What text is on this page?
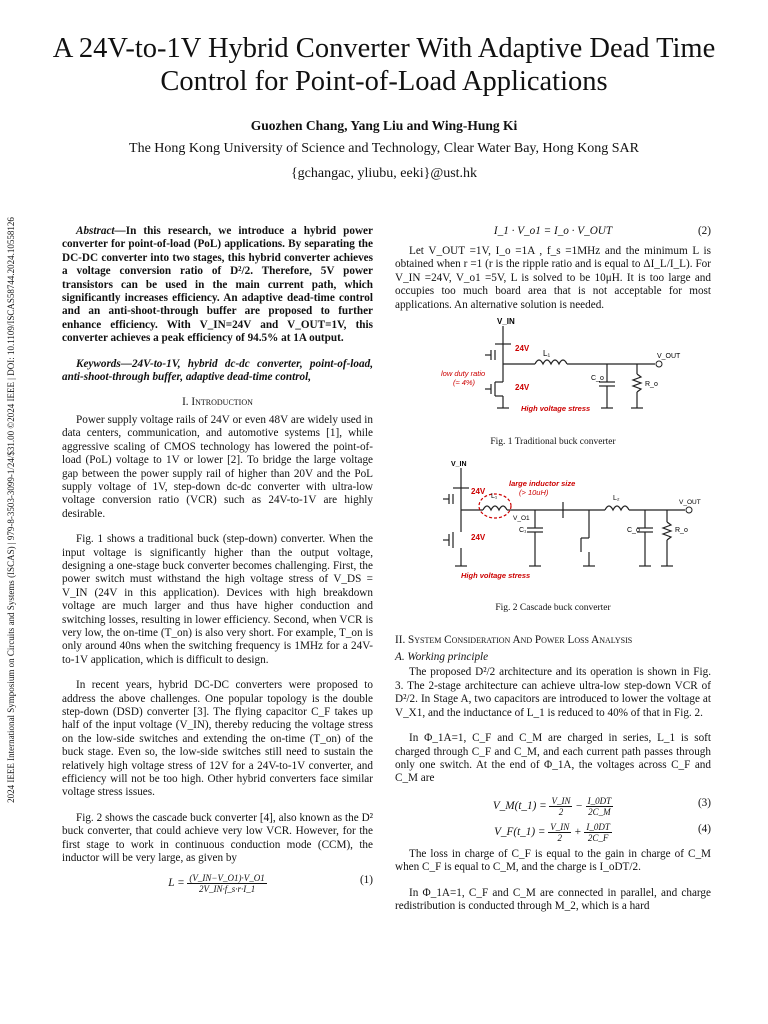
A 24V-to-1V Hybrid Converter With Adaptive Dead Time Control for Point-of-Load Applications
Guozhen Chang, Yang Liu and Wing-Hung Ki
The Hong Kong University of Science and Technology, Clear Water Bay, Hong Kong SAR
{gchangac, yliubu, eeki}@ust.hk
2024 IEEE International Symposium on Circuits and Systems (ISCAS) | 979-8-3503-3099-1/24/$31.00 ©2024 IEEE | DOI: 10.1109/ISCAS58744.2024.10558126	Abstract—In this research, we introduce a hybrid power converter for point-of-load (PoL) applications. By separating the DC-DC converter into two stages, this hybrid converter achieves a voltage conversion ratio of D²/2. Therefore, 5V power transistors can be used in the main current path, which significantly increases efficiency. An adaptive dead-time control and an anti-shoot-through buffer are proposed to further enhance efficiency. With V_IN=24V and V_OUT=1V, this converter achieves a peak efficiency of 94.5% at 1A output.

Keywords—24V-to-1V, hybrid dc-dc converter, point-of-load, anti-shoot-through buffer, adaptive dead-time control,

I. Introduction

Power supply voltage rails of 24V or even 48V are widely used in data centers, communication, and automotive systems [1], while aggressive scaling of CMOS technology has lowered the point-of-load (PoL) voltage to 1V or lower [2]. To bridge the large voltage gap between the power supply rail of higher than 20V and the PoL supply voltage of 1V, step-down dc-dc converter with ultra-low voltage conversion ratio (VCR) such as 24V-to-1V are highly desirable.

Fig. 1 shows a traditional buck (step-down) converter. When the input voltage is significantly higher than the output voltage, designing a one-stage buck converter becomes challenging. First, the power switch must withstand the high voltage stress of V_DS = V_IN (24V in this application). Devices with high breakdown voltage are much larger and thus have higher conduction and switching losses, resulting in lower efficiency. Second, when VCR is very low, the on-time (T_on) is also very short. For example, T_on is only around 40ns when the switching frequency is 1MHz for a 24V-to-1V application, which is difficult to design.

In recent years, hybrid DC-DC converters were proposed to address the above challenges. One popular topology is the double step-down (DSD) converter [3]. The flying capacitor C_F takes up half of the input voltage (V_IN), thereby reducing the voltage stress on the low-side switches and extending the on-time (T_on) of the buck stage. Even so, the low-side switches still need to sustain the relatively high voltage stress of 12V for a 24V-to-1V converter, and efficiency will not be too high. Other hybrid converters face similar voltage stress issues.

Fig. 2 shows the cascade buck converter [4], also known as the D² buck converter, that could achieve very low VCR. However, for the first stage to work in continuous conduction mode (CCM), the inductor will be very large, as given by

$L = \frac{(V\_IN-V\_O1)\cdot V\_O1}{2V\_IN\cdot f\_s\cdot r\cdot I\_1}$	(1)
I_1 · V_o1 = I_o · V_OUT	(2)

Let V_OUT =1V, I_o =1A , f_s =1MHz and the minimum L is obtained when r =1 (r is the ripple ratio and is equal to ΔI_L/I_L). For V_IN =24V, V_o1 =5V, L is solved to be 10μH. It is too large and occupies too much board area that is not acceptable for most applications. An alternative solution is needed.

V_IN
24V
L₁	V_OUT
low duty ratio
(≈ 4%)
24V
C_o
R_o
High voltage stress
Fig. 1 Traditional buck converter
V_IN
24V
large inductor size
(> 10uH)
L₁
V_O1
L₂
V_OUT
C₁
24V
C_o	R_o
High voltage stress
Fig. 2 Cascade buck converter
II. System Consideration And Power Loss Analysis
A. Working principle

The proposed D²/2 architecture and its operation is shown in Fig. 3. The 2-stage architecture can achieve ultra-low step-down VCR of D²/2. In Stage A, two capacitors are introduced to lower the voltage at V_X1, and the inductance of L_1 is reduced to 40% of that in Fig. 2.

In Φ_1A=1, C_F and C_M are charged in series, L_1 is soft charged through C_F and C_M, and each current path passes through only one switch. At the end of Φ_1A, the voltages across C_F and C_M are

V_M(t_1) = $\frac{V\_IN}{2} - \frac{I\_0DT}{2C\_M}$	(3)
V_F(t_1) = $\frac{V\_IN}{2} + \frac{I\_0DT}{2C\_F}$	(4)

The loss in charge of C_F is equal to the gain in charge of C_M when C_F is equal to C_M, and the charge is I_oDT/2.

In Φ_1A=1, C_F and C_M are connected in parallel, and charge redistribution is conducted through M_2, which is a hard
